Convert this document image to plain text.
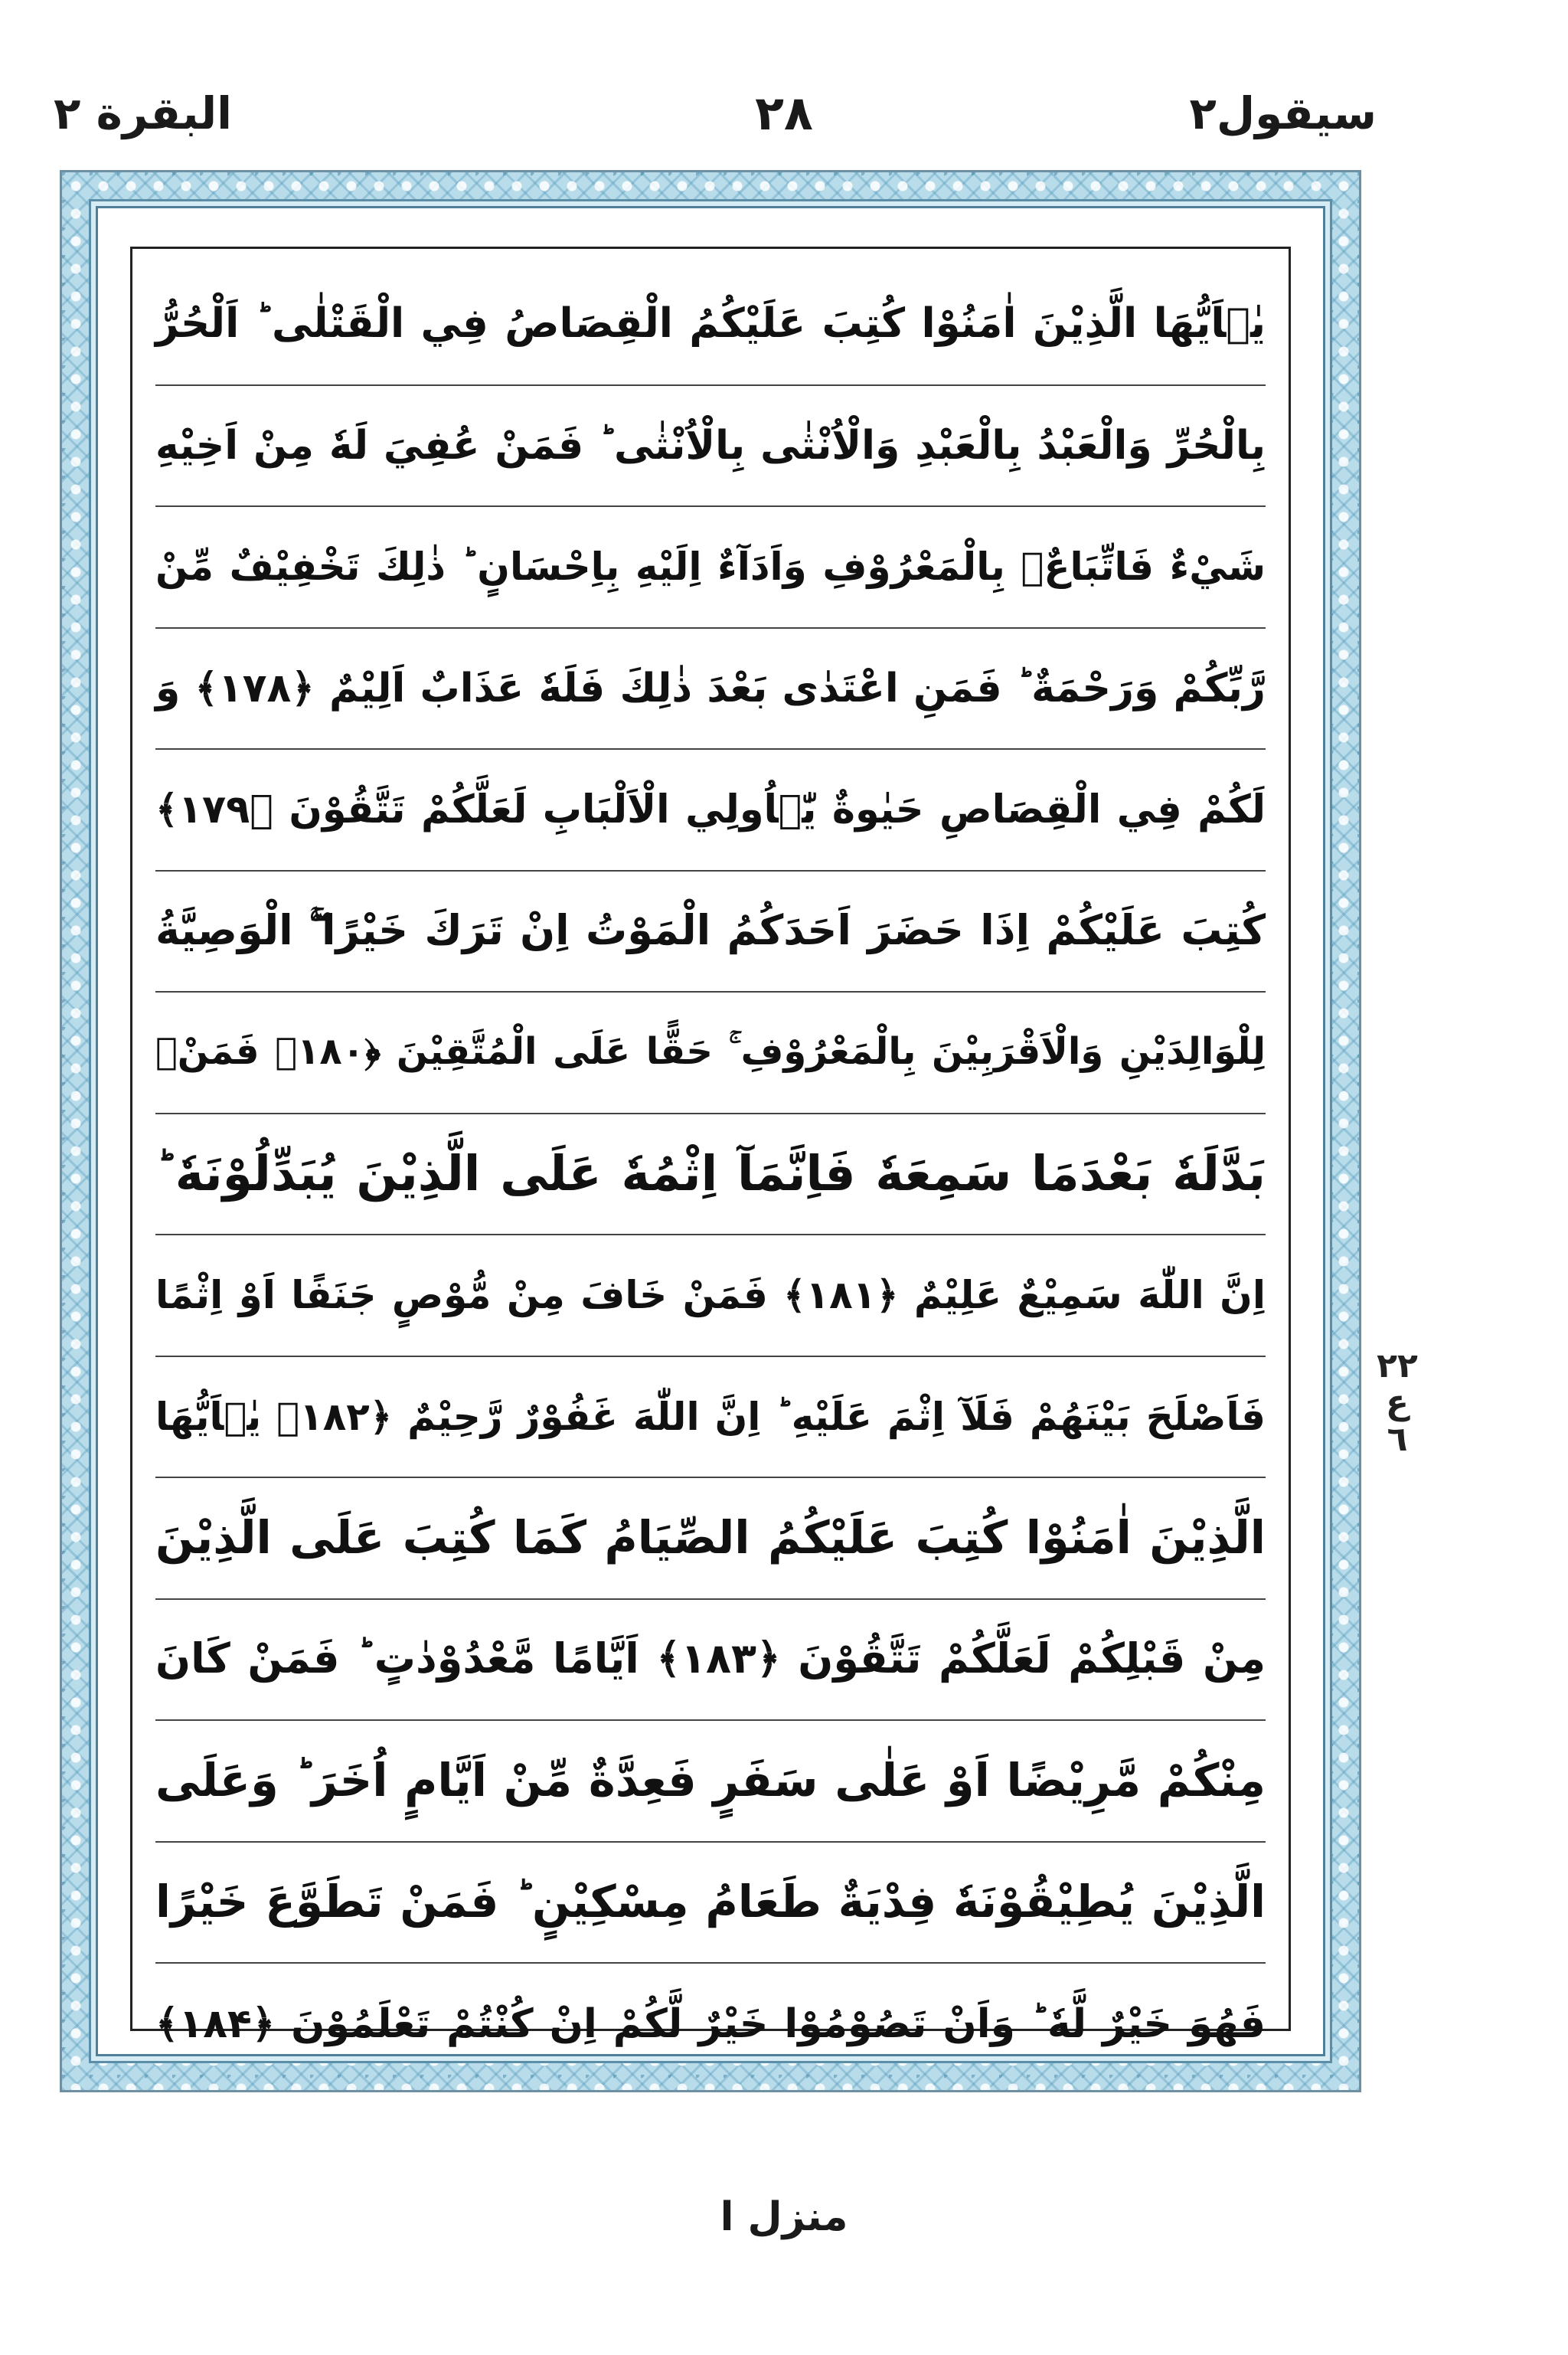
البقرة ٢	٢٨	سیقول٢
يٰۤاَيُّهَا الَّذِيْنَ اٰمَنُوْا كُتِبَ عَلَيْكُمُ الْقِصَاصُ فِي الْقَتْلٰى ؕ اَلْحُرُّ
بِالْحُرِّ وَالْعَبْدُ بِالْعَبْدِ وَالْاُنْثٰى بِالْاُنْثٰى ؕ فَمَنْ عُفِيَ لَهٗ مِنْ اَخِيْهِ
شَيْءٌ فَاتِّبَاعٌۢ بِالْمَعْرُوْفِ وَاَدَآءٌ اِلَيْهِ بِاِحْسَانٍ ؕ ذٰلِكَ تَخْفِيْفٌ مِّنْ
رَّبِّكُمْ وَرَحْمَةٌ ؕ فَمَنِ اعْتَدٰى بَعْدَ ذٰلِكَ فَلَهٗ عَذَابٌ اَلِيْمٌ ﴿۱۷۸﴾ وَ
لَكُمْ فِي الْقِصَاصِ حَيٰوةٌ يّٰۤاُولِي الْاَلْبَابِ لَعَلَّكُمْ تَتَّقُوْنَ ﴿۱۷۹﴾
كُتِبَ عَلَيْكُمْ اِذَا حَضَرَ اَحَدَكُمُ الْمَوْتُ اِنْ تَرَكَ خَيْرًا ۖۚ الْوَصِيَّةُ
لِلْوَالِدَيْنِ وَالْاَقْرَبِيْنَ بِالْمَعْرُوْفِ ۚ حَقًّا عَلَى الْمُتَّقِيْنَ ﴿۱۸۰﴾ فَمَنْۢ
بَدَّلَهٗ بَعْدَمَا سَمِعَهٗ فَاِنَّمَآ اِثْمُهٗ عَلَى الَّذِيْنَ يُبَدِّلُوْنَهٗ ؕ
اِنَّ اللّٰهَ سَمِيْعٌ عَلِيْمٌ ﴿۱۸۱﴾ فَمَنْ خَافَ مِنْ مُّوْصٍ جَنَفًا اَوْ اِثْمًا
فَاَصْلَحَ بَيْنَهُمْ فَلَآ اِثْمَ عَلَيْهِ ؕ اِنَّ اللّٰهَ غَفُوْرٌ رَّحِيْمٌ ﴿۱۸۲﴾ يٰۤاَيُّهَا
الَّذِيْنَ اٰمَنُوْا كُتِبَ عَلَيْكُمُ الصِّيَامُ كَمَا كُتِبَ عَلَى الَّذِيْنَ
مِنْ قَبْلِكُمْ لَعَلَّكُمْ تَتَّقُوْنَ ﴿۱۸۳﴾ اَيَّامًا مَّعْدُوْدٰتٍ ؕ فَمَنْ كَانَ
مِنْكُمْ مَّرِيْضًا اَوْ عَلٰى سَفَرٍ فَعِدَّةٌ مِّنْ اَيَّامٍ اُخَرَ ؕ وَعَلَى
الَّذِيْنَ يُطِيْقُوْنَهٗ فِدْيَةٌ طَعَامُ مِسْكِيْنٍ ؕ فَمَنْ تَطَوَّعَ خَيْرًا
فَهُوَ خَيْرٌ لَّهٗ ؕ وَاَنْ تَصُوْمُوْا خَيْرٌ لَّكُمْ اِنْ كُنْتُمْ تَعْلَمُوْنَ ﴿۱۸۴﴾
٢٢
ع
٦
منزل ا
